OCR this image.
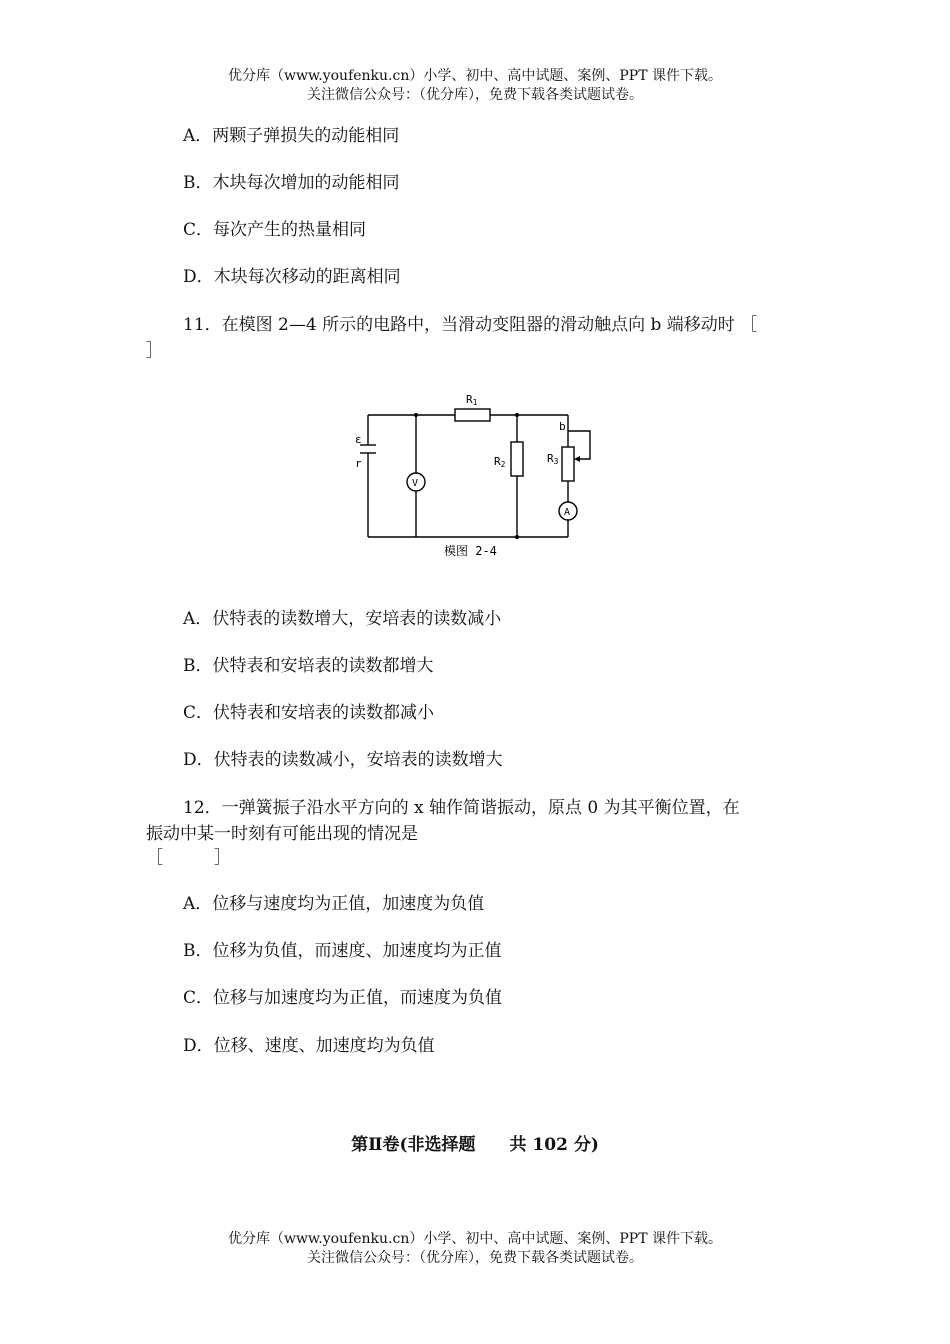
优分库（www.youfenku.cn）小学、初中、高中试题、案例、PPT 课件下载。
关注微信公众号：（优分库），免费下载各类试题试卷。
A．两颗子弹损失的动能相同
B．木块每次增加的动能相同
C．每次产生的热量相同
D．木块每次移动的距离相同
11．在模图 2—4 所示的电路中，当滑动变阻器的滑动触点向 b 端移动时 ［
］
R1
R2	R3
ε
r
b
V
A
模图 2-4
A．伏特表的读数增大，安培表的读数减小
B．伏特表和安培表的读数都增大
C．伏特表和安培表的读数都减小
D．伏特表的读数减小，安培表的读数增大
12．一弹簧振子沿水平方向的 x 轴作简谐振动，原点 0 为其平衡位置，在
振动中某一时刻有可能出现的情况是
［　　　］
A．位移与速度均为正值，加速度为负值
B．位移为负值，而速度、加速度均为正值
C．位移与加速度均为正值，而速度为负值
D．位移、速度、加速度均为负值
第Ⅱ卷(非选择题　　共 102 分)
优分库（www.youfenku.cn）小学、初中、高中试题、案例、PPT 课件下载。
关注微信公众号：（优分库），免费下载各类试题试卷。
